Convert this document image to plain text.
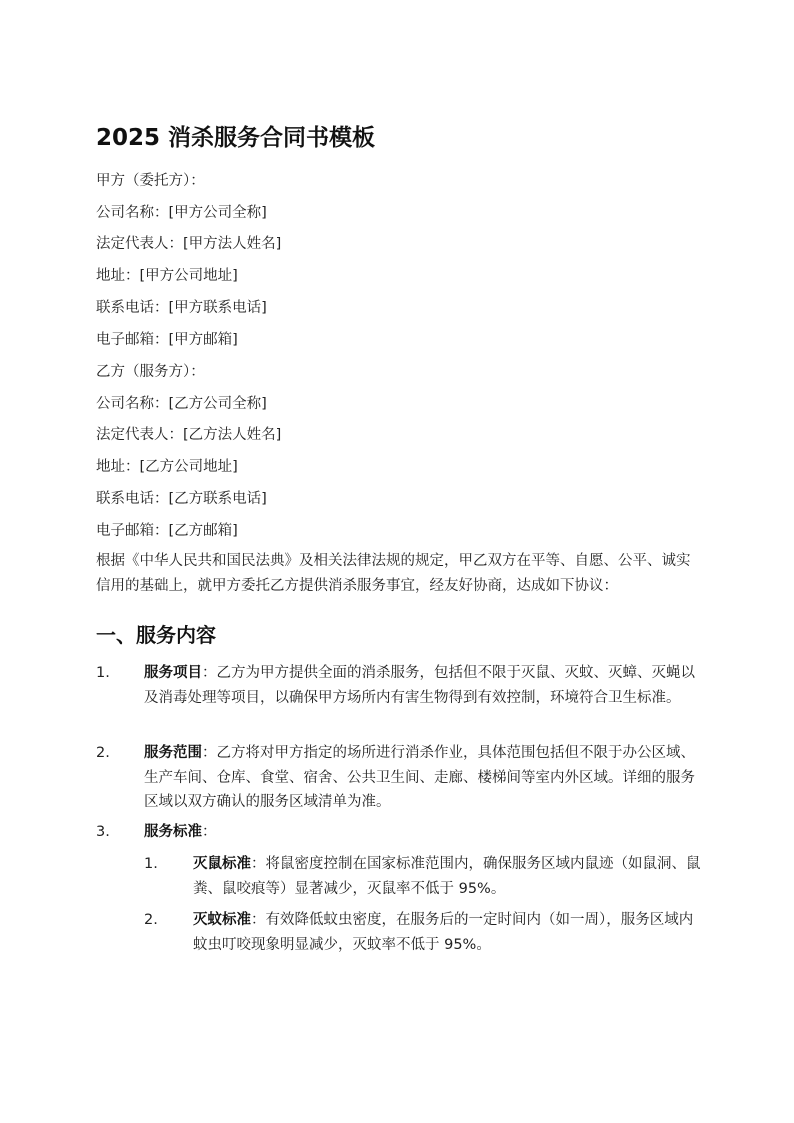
2025 消杀服务合同书模板
甲方（委托方）：
公司名称：[甲方公司全称]
法定代表人：[甲方法人姓名]
地址：[甲方公司地址]
联系电话：[甲方联系电话]
电子邮箱：[甲方邮箱]
乙方（服务方）：
公司名称：[乙方公司全称]
法定代表人：[乙方法人姓名]
地址：[乙方公司地址]
联系电话：[乙方联系电话]
电子邮箱：[乙方邮箱]
根据《中华人民共和国民法典》及相关法律法规的规定，甲乙双方在平等、自愿、公平、诚实信用的基础上，就甲方委托乙方提供消杀服务事宜，经友好协商，达成如下协议：
一、服务内容
1. 服务项目：乙方为甲方提供全面的消杀服务，包括但不限于灭鼠、灭蚊、灭蟑、灭蝇以及消毒处理等项目，以确保甲方场所内有害生物得到有效控制，环境符合卫生标准。
2. 服务范围：乙方将对甲方指定的场所进行消杀作业，具体范围包括但不限于办公区域、生产车间、仓库、食堂、宿舍、公共卫生间、走廊、楼梯间等室内外区域。详细的服务区域以双方确认的服务区域清单为准。
3. 服务标准：
1. 灭鼠标准：将鼠密度控制在国家标准范围内，确保服务区域内鼠迹（如鼠洞、鼠粪、鼠咬痕等）显著减少，灭鼠率不低于 95%。
2. 灭蚊标准：有效降低蚊虫密度，在服务后的一定时间内（如一周），服务区域内蚊虫叮咬现象明显减少，灭蚊率不低于 95%。
